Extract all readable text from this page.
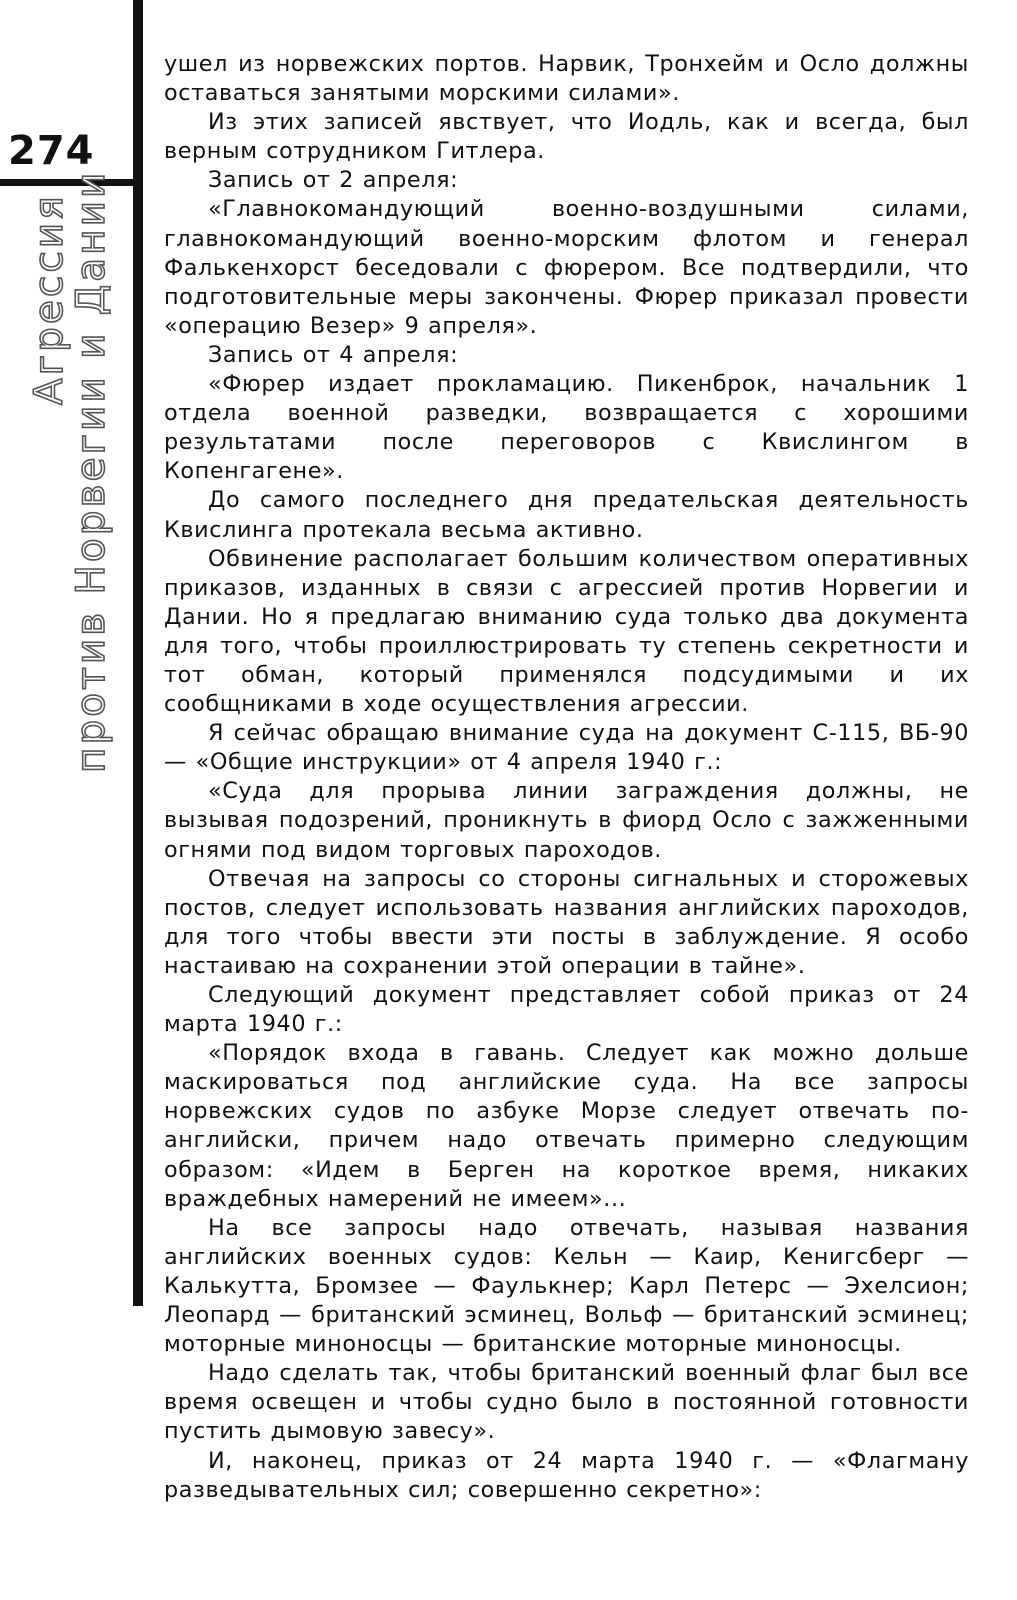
274
Агрессия
против Норвегии и Дании

ушел из норвежских портов. Нарвик, Тронхейм и Осло должны оставаться занятыми морскими силами».

Из этих записей явствует, что Иодль, как и всегда, был верным сотрудником Гитлера.

Запись от 2 апреля:

«Главнокомандующий военно-воздушными силами, главнокомандующий военно-морским флотом и генерал Фалькенхорст беседовали с фюрером. Все подтвердили, что подготовительные меры закончены. Фюрер приказал провести «операцию Везер» 9 апреля».

Запись от 4 апреля:

«Фюрер издает прокламацию. Пикенброк, начальник 1 отдела военной разведки, возвращается с хорошими результатами после переговоров с Квислингом в Копенгагене».

До самого последнего дня предательская деятельность Квислинга протекала весьма активно.

Обвинение располагает большим количеством оперативных приказов, изданных в связи с агрессией против Норвегии и Дании. Но я предлагаю вниманию суда только два документа для того, чтобы проиллюстрировать ту степень секретности и тот обман, который применялся подсудимыми и их сообщниками в ходе осуществления агрессии.

Я сейчас обращаю внимание суда на документ С-115, ВБ-90 — «Общие инструкции» от 4 апреля 1940 г.:

«Суда для прорыва линии заграждения должны, не вызывая подозрений, проникнуть в фиорд Осло с зажженными огнями под видом торговых пароходов.

Отвечая на запросы со стороны сигнальных и сторожевых постов, следует использовать названия английских пароходов, для того чтобы ввести эти посты в заблуждение. Я особо настаиваю на сохранении этой операции в тайне».

Следующий документ представляет собой приказ от 24 марта 1940 г.:

«Порядок входа в гавань. Следует как можно дольше маскироваться под английские суда. На все запросы норвежских судов по азбуке Морзе следует отвечать по-английски, причем надо отвечать примерно следующим образом: «Идем в Берген на короткое время, никаких враждебных намерений не имеем»...

На все запросы надо отвечать, называя названия английских военных судов: Кельн — Каир, Кенигсберг — Калькутта, Бромзее — Фаулькнер; Карл Петерс — Эхелсион; Леопард — британский эсминец, Вольф — британский эсминец; моторные миноносцы — британские моторные миноносцы.

Надо сделать так, чтобы британский военный флаг был все время освещен и чтобы судно было в постоянной готовности пустить дымовую завесу».

И, наконец, приказ от 24 марта 1940 г. — «Флагману разведывательных сил; совершенно секретно»:
